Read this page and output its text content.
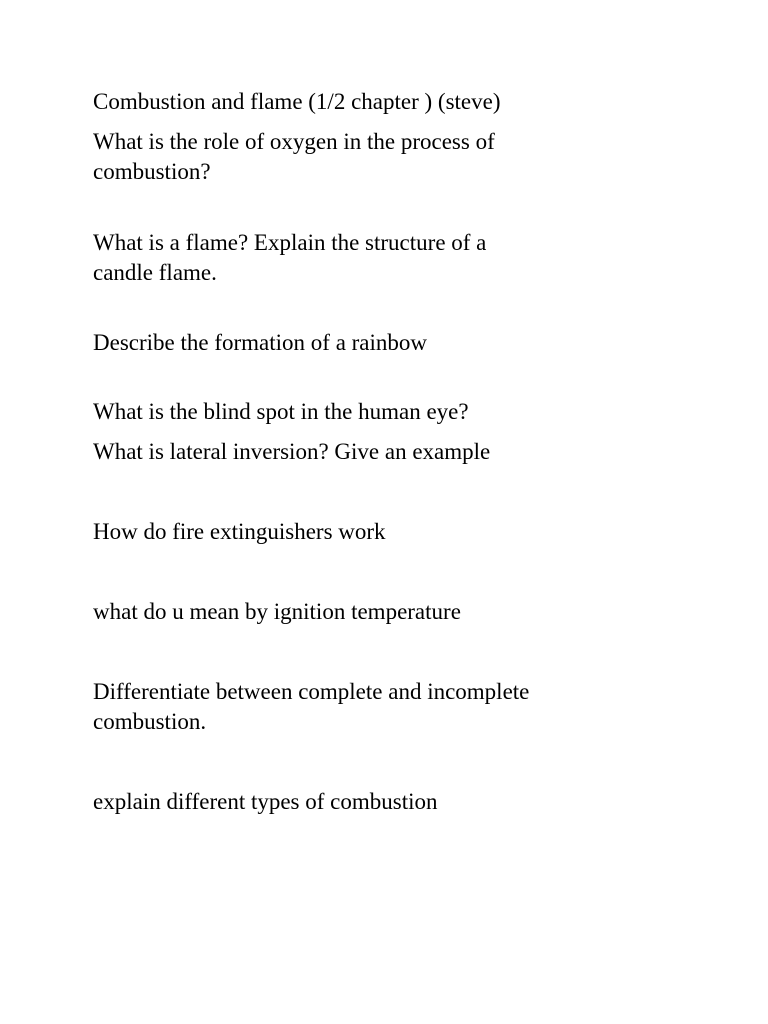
Combustion and flame (1/2 chapter ) (steve)

What is the role of oxygen in the process of
combustion?

What is a flame? Explain the structure of a
candle flame.

Describe the formation of a rainbow

What is the blind spot in the human eye?

What is lateral inversion? Give an example

How do fire extinguishers work

what do u mean by ignition temperature

Differentiate between complete and incomplete
combustion.

explain different types of combustion
